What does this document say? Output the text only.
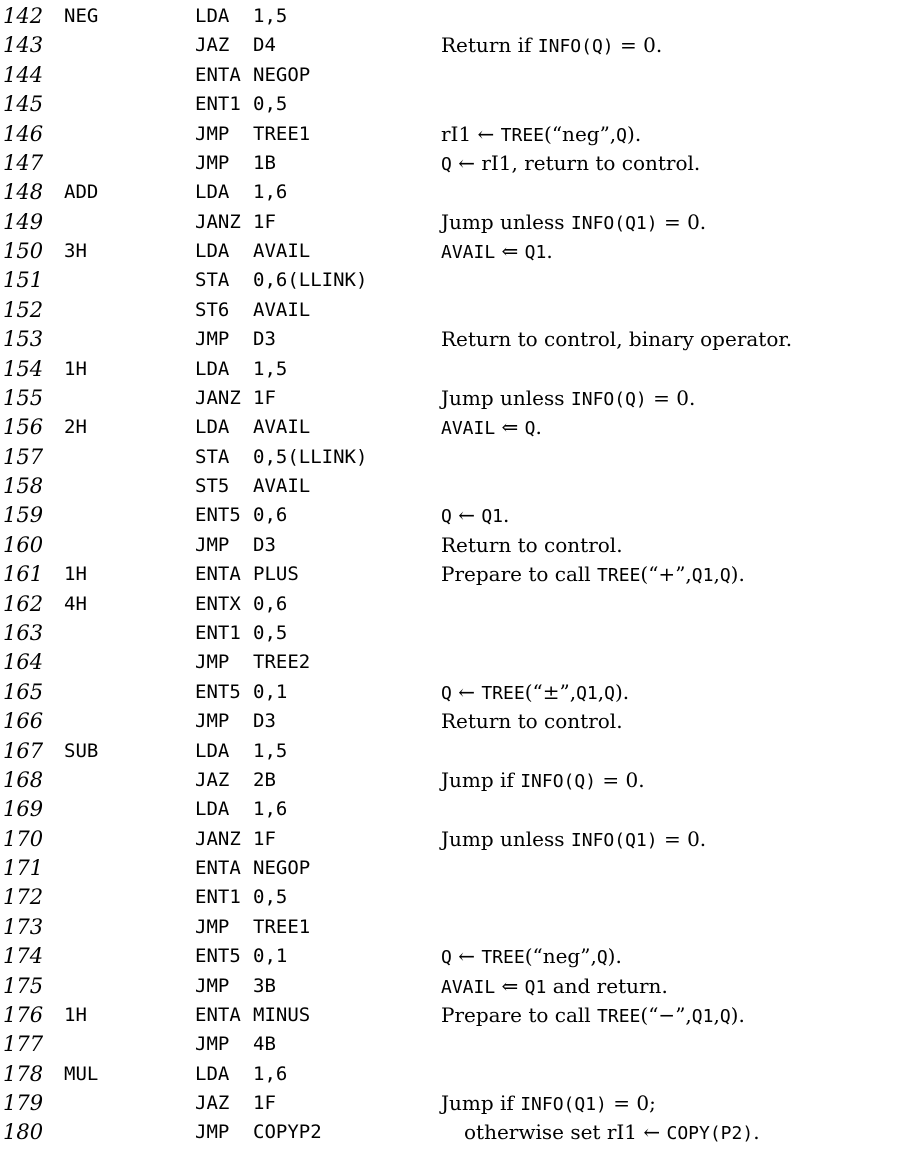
142 NEG	LDA 1,5
143	JAZ D4	Return if INFO(Q) = 0.
144	ENTA NEGOP
145	ENT1 0,5
146	JMP TREE1	rI1 ← TREE(“neg”,Q).
147	JMP 1B	Q ← rI1, return to control.
148 ADD	LDA 1,6
149	JANZ 1F	Jump unless INFO(Q1) = 0.
150 3H	LDA AVAIL	AVAIL ⇐ Q1.
151	STA 0,6(LLINK)
152	ST6 AVAIL
153	JMP D3	Return to control, binary operator.
154 1H	LDA 1,5
155	JANZ 1F	Jump unless INFO(Q) = 0.
156 2H	LDA AVAIL	AVAIL ⇐ Q.
157	STA 0,5(LLINK)
158	ST5 AVAIL
159	ENT5 0,6	Q ← Q1.
160	JMP D3	Return to control.
161 1H	ENTA PLUS	Prepare to call TREE(“+”,Q1,Q).
162 4H	ENTX 0,6
163	ENT1 0,5
164	JMP TREE2
165	ENT5 0,1	Q ← TREE(“±”,Q1,Q).
166	JMP D3	Return to control.
167 SUB	LDA 1,5
168	JAZ 2B	Jump if INFO(Q) = 0.
169	LDA 1,6
170	JANZ 1F	Jump unless INFO(Q1) = 0.
171	ENTA NEGOP
172	ENT1 0,5
173	JMP TREE1
174	ENT5 0,1	Q ← TREE(“neg”,Q).
175	JMP 3B	AVAIL ⇐ Q1 and return.
176 1H	ENTA MINUS	Prepare to call TREE(“−”,Q1,Q).
177	JMP 4B
178 MUL	LDA 1,6
179	JAZ 1F	Jump if INFO(Q1) = 0;
180	JMP COPYP2	otherwise set rI1 ← COPY(P2).
